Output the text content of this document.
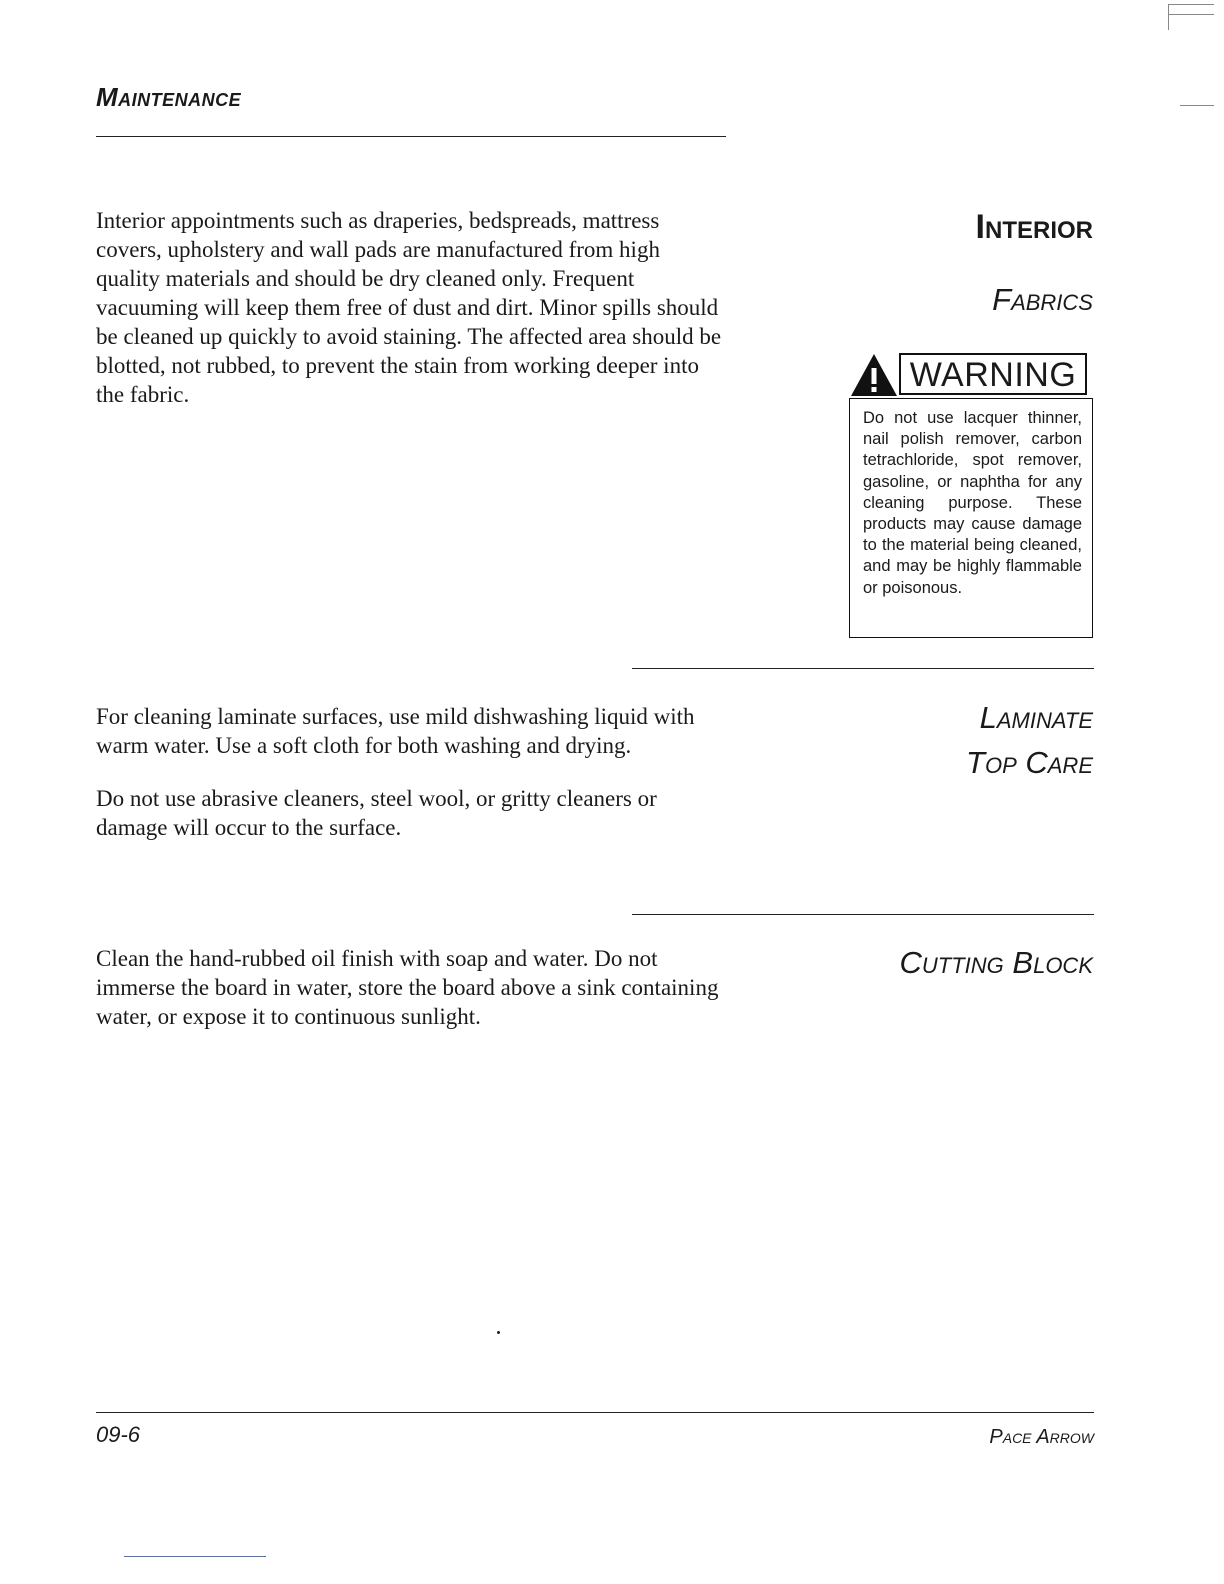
Maintenance

Interior appointments such as draperies, bedspreads, mattress covers, upholstery and wall pads are manufactured from high quality materials and should be dry cleaned only. Frequent vacuuming will keep them free of dust and dirt. Minor spills should be cleaned up quickly to avoid staining. The affected area should be blotted, not rubbed, to prevent the stain from working deeper into the fabric.

Interior
Fabrics
WARNING
Do not use lacquer thinner, nail polish remover, carbon tetrachloride, spot remover, gasoline, or naphtha for any cleaning purpose. These products may cause damage to the material being cleaned, and may be highly flammable or poisonous.

For cleaning laminate surfaces, use mild dishwashing liquid with warm water. Use a soft cloth for both washing and drying.

Do not use abrasive cleaners, steel wool, or gritty cleaners or damage will occur to the surface.

Laminate
Top Care

Clean the hand-rubbed oil finish with soap and water. Do not immerse the board in water, store the board above a sink containing water, or expose it to continuous sunlight.

Cutting Block
09-6	Pace Arrow
